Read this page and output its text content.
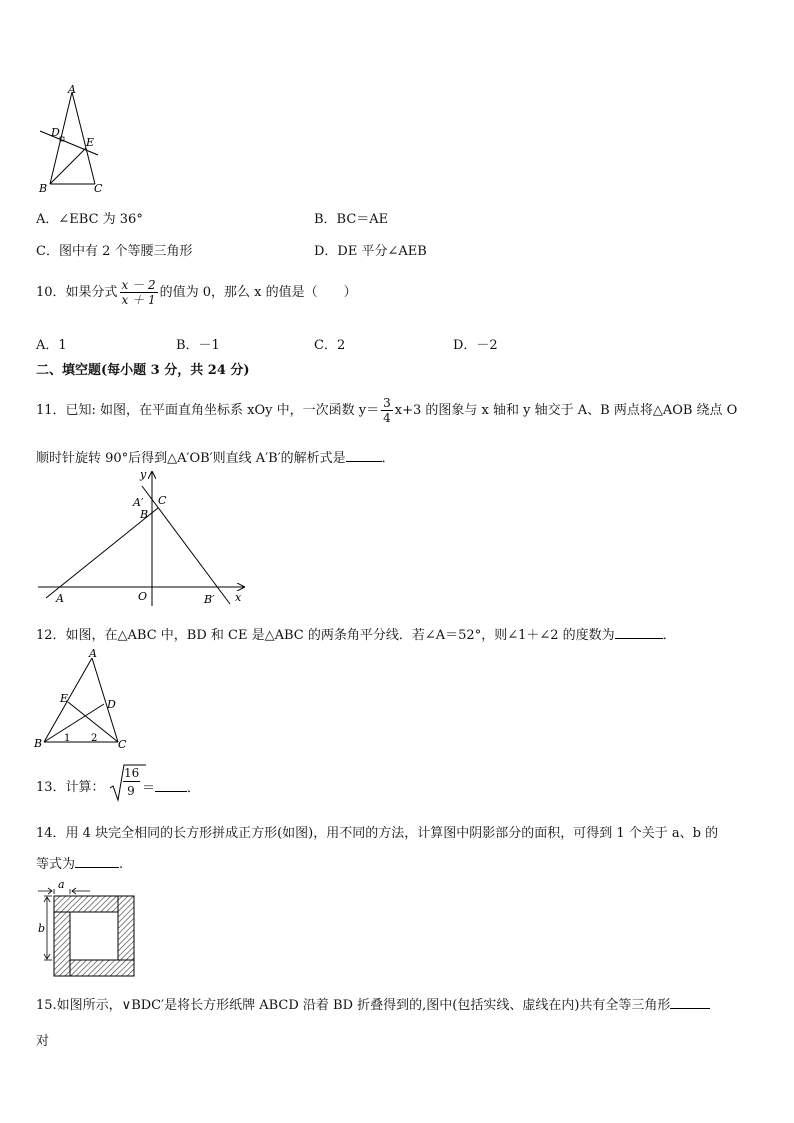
A
D
E
B	C
A．∠EBC 为 36°	B．BC＝AE
C．图中有 2 个等腰三角形	D．DE 平分∠AEB
10．如果分式 $\frac{x - 2}{x + 1}$ 的值为 0，那么 x 的值是（　　）
A．1	B．－1	C．2	D．－2
二、填空题(每小题 3 分，共 24 分)
11．已知: 如图，在平面直角坐标系 xOy 中，一次函数 $y= \frac{3}{4} x+3$ 的图象与 x 轴和 y 轴交于 A、B 两点将△AOB 绕点 O
顺时针旋转 90°后得到△A′OB′则直线 A′B′的解析式是	．
y
x
A′ C
B
A	O	B′
12．如图，在△ABC 中，BD 和 CE 是△ABC 的两条角平分线．若∠A＝52°，则∠1＋∠2 的度数为	．
A
E	D
B	C
1 2
13．计算：
16
9 ＝ ．
14．用 4 块完全相同的长方形拼成正方形(如图)，用不同的方法，计算图中阴影部分的面积，可得到 1 个关于 a、b 的
等式为	.
a
b
15.如图所示，∨BDC′是将长方形纸牌 ABCD 沿着 BD 折叠得到的,图中(包括实线、虚线在内)共有全等三角形
对
